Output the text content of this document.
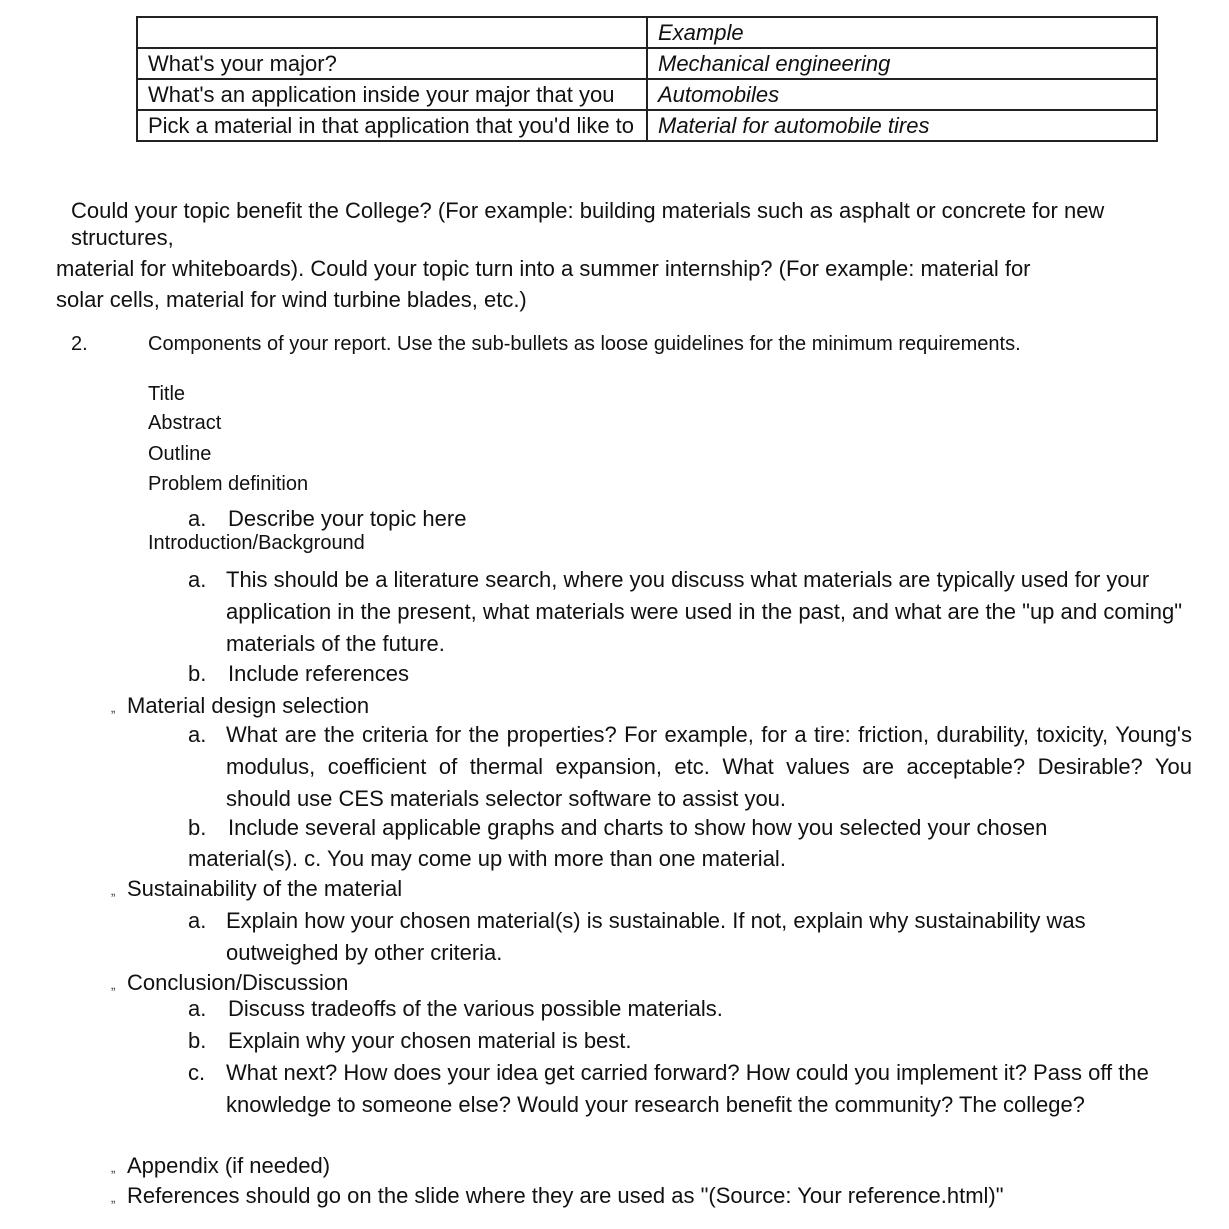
	Example
What's your major?	Mechanical engineering
What's an application inside your major that you	Automobiles
Pick a material in that application that you'd like to	Material for automobile tires
Could your topic benefit the College? (For example: building materials such as asphalt or concrete for new
structures,
material for whiteboards). Could your topic turn into a summer internship? (For example: material for
solar cells, material for wind turbine blades, etc.)
2.	Components of your report. Use the sub-bullets as loose guidelines for the minimum requirements.
 Title
 Abstract
 Outline
 Problem definition
a. Describe your topic here
 Introduction/Background
a. This should be a literature search, where you discuss what materials are typically used for your application in the present, what materials were used in the past, and what are the "up and coming" materials of the future.
b. Include references
„ Material design selection
a. What are the criteria for the properties? For example, for a tire: friction, durability, toxicity, Young's modulus, coefficient of thermal expansion, etc. What values are acceptable? Desirable? You should use CES materials selector software to assist you.
b. Include several applicable graphs and charts to show how you selected your chosen
material(s). c. You may come up with more than one material.
„ Sustainability of the material
a. Explain how your chosen material(s) is sustainable. If not, explain why sustainability was outweighed by other criteria.
„ Conclusion/Discussion
a. Discuss tradeoffs of the various possible materials.
b. Explain why your chosen material is best.
c. What next? How does your idea get carried forward? How could you implement it? Pass off the knowledge to someone else? Would your research benefit the community? The college?
„ Appendix (if needed)
„ References should go on the slide where they are used as "(Source: Your reference.html)"
